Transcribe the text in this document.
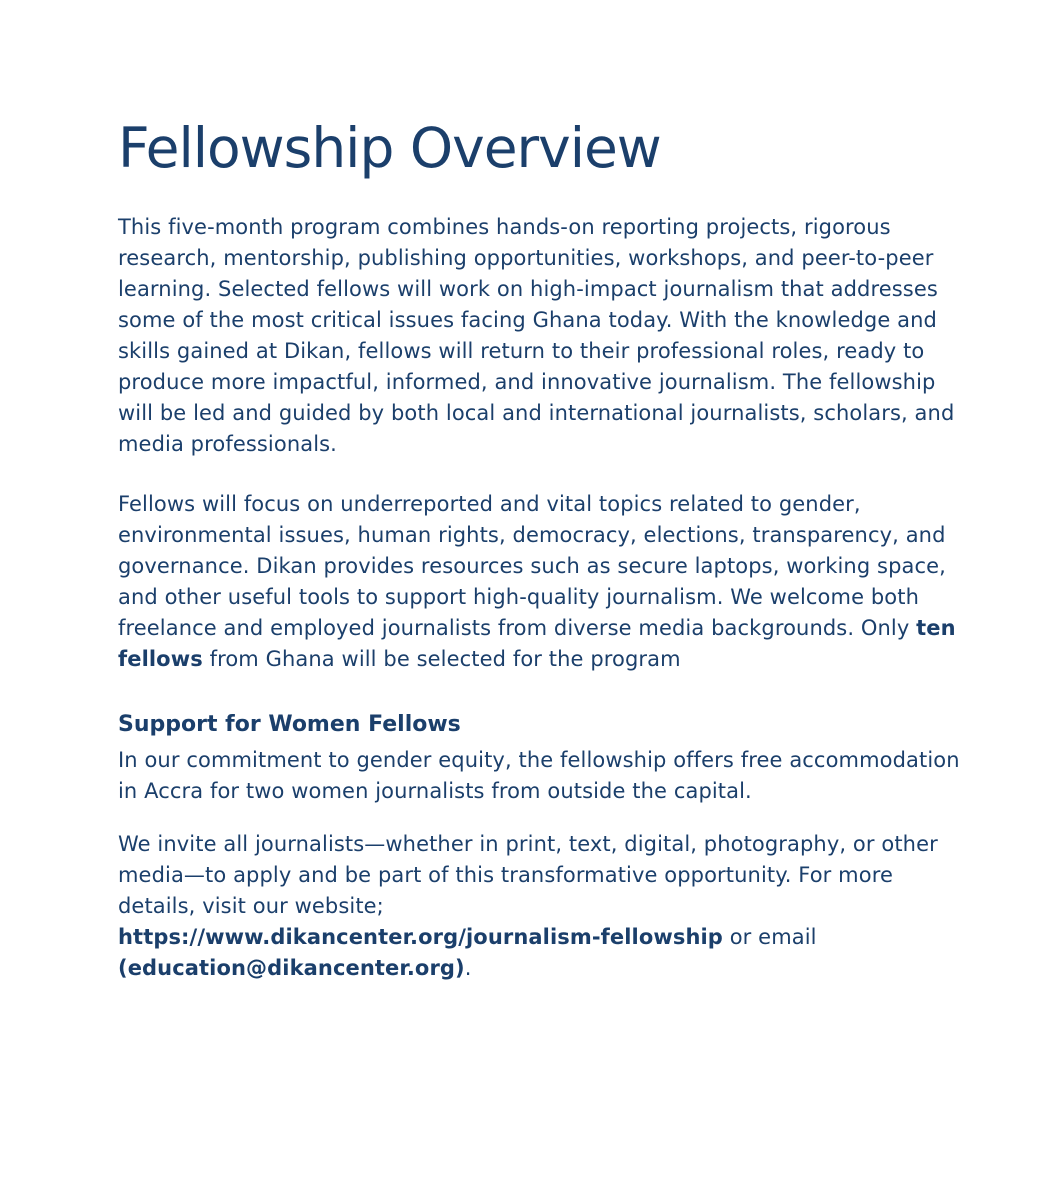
Fellowship Overview

This five-month program combines hands-on reporting projects, rigorous research, mentorship, publishing opportunities, workshops, and peer-to-peer learning. Selected fellows will work on high-impact journalism that addresses some of the most critical issues facing Ghana today. With the knowledge and skills gained at Dikan, fellows will return to their professional roles, ready to produce more impactful, informed, and innovative journalism. The fellowship will be led and guided by both local and international journalists, scholars, and media professionals.

Fellows will focus on underreported and vital topics related to gender, environmental issues, human rights, democracy, elections, transparency, and governance. Dikan provides resources such as secure laptops, working space, and other useful tools to support high-quality journalism. We welcome both freelance and employed journalists from diverse media backgrounds. Only ten fellows from Ghana will be selected for the program

Support for Women Fellows

In our commitment to gender equity, the fellowship offers free accommodation in Accra for two women journalists from outside the capital.

We invite all journalists—whether in print, text, digital, photography, or other media—to apply and be part of this transformative opportunity. For more details, visit our website;
https://www.dikancenter.org/journalism-fellowship or email
(education@dikancenter.org).
